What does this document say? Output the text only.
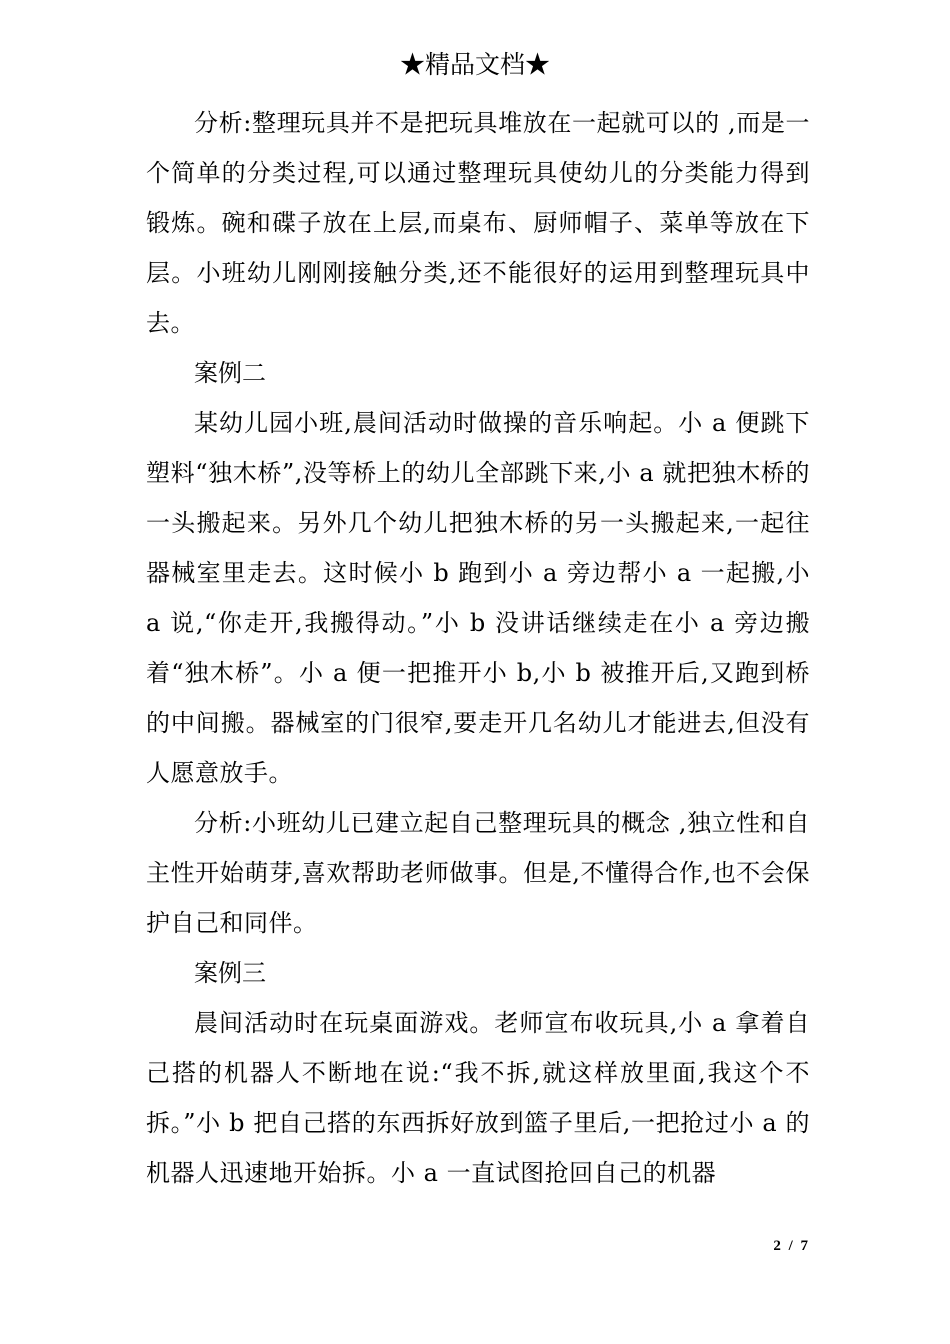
★精品文档★

分析:整理玩具并不是把玩具堆放在一起就可以的 ,而是一个简单的分类过程,可以通过整理玩具使幼儿的分类能力得到锻炼。碗和碟子放在上层,而桌布、厨师帽子、菜单等放在下层。小班幼儿刚刚接触分类,还不能很好的运用到整理玩具中去。

案例二

某幼儿园小班,晨间活动时做操的音乐响起。小 a 便跳下塑料“独木桥”,没等桥上的幼儿全部跳下来,小 a 就把独木桥的一头搬起来。另外几个幼儿把独木桥的另一头搬起来,一起往器械室里走去。这时候小 b 跑到小 a 旁边帮小 a 一起搬,小 a 说,“你走开,我搬得动。”小 b 没讲话继续走在小 a 旁边搬着“独木桥”。小 a 便一把推开小 b,小 b 被推开后,又跑到桥的中间搬。器械室的门很窄,要走开几名幼儿才能进去,但没有人愿意放手。

分析:小班幼儿已建立起自己整理玩具的概念 ,独立性和自主性开始萌芽,喜欢帮助老师做事。但是,不懂得合作,也不会保护自己和同伴。

案例三

晨间活动时在玩桌面游戏。老师宣布收玩具,小 a 拿着自己搭的机器人不断地在说:“我不拆,就这样放里面,我这个不拆。”小 b 把自己搭的东西拆好放到篮子里后,一把抢过小 a 的机器人迅速地开始拆。小 a 一直试图抢回自己的机器

2 / 7
